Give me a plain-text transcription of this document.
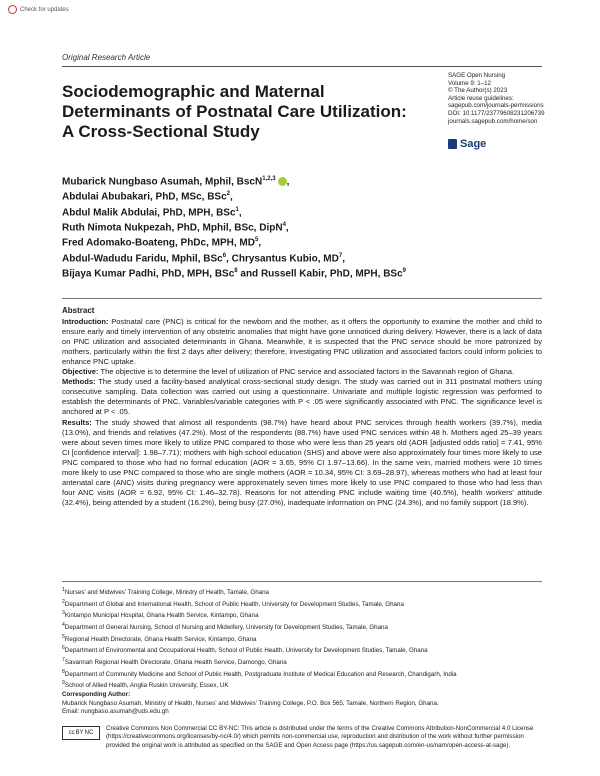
Check for updates
Original Research Article
Sociodemographic and Maternal Determinants of Postnatal Care Utilization: A Cross-Sectional Study
SAGE Open Nursing
Volume 9: 1–12
© The Author(s) 2023
Article reuse guidelines:
sagepub.com/journals-permissions
DOI: 10.1177/23779608231206739
journals.sagepub.com/home/son
Sage
Mubarick Nungbaso Asumah, Mphil, BscN$^{1,2,3}$ ,
Abdulai Abubakari, PhD, MSc, BSc$^2$,
Abdul Malik Abdulai, PhD, MPH, BSc$^1$,
Ruth Nimota Nukpezah, PhD, Mphil, BSc, DipN$^4$,
Fred Adomako-Boateng, PhDc, MPH, $MD^5$,
Abdul-Wadudu Faridu, Mphil, BSc$^6$, Chrysantus Kubio, $MD^7$,
Bijaya Kumar Padhi, PhD, MPH, BSc$^8$ and Russell Kabir, PhD, MPH, BSc$^9$
Abstract

Introduction: Postnatal care (PNC) is critical for the newborn and the mother, as it offers the opportunity to examine the mother and child to ensure early and timely intervention of any obstetric anomalies that might have gone unnoticed during delivery. However, there is a lack of data on PNC utilization and associated determinants in Ghana. Meanwhile, it is suspected that the PNC service should be more patronized by mothers, particularly within the first 2 days after delivery; therefore, investigating PNC utilization and associated factors could inform policies to enhance PNC uptake.

Objective: The objective is to determine the level of utilization of PNC service and associated factors in the Savannah region of Ghana.

Methods: The study used a facility-based analytical cross-sectional study design. The study was carried out in 311 postnatal mothers using consecutive sampling. Data collection was carried out using a questionnaire. Univariate and multiple logistic regression was performed to establish the determinants of PNC. Variables/variable categories with P < .05 were significantly associated with PNC. The significance level is anchored at P < .05.

Results: The study showed that almost all respondents (98.7%) have heard about PNC services through health workers (39.7%), media (13.0%), and friends and relatives (47.2%). Most of the respondents (88.7%) have used PNC services within 48 h. Mothers aged 25–39 years were about seven times more likely to utilize PNC compared to those who were less than 25 years old (AOR [adjusted odds ratio] = 7.41, 95% CI [confidence interval]: 1.98–7.71); mothers with high school education (SHS) and above were also approximately four times more likely to use PNC compared to those who had no formal education (AOR = 3.65, 95% CI 1.97–13.66). In the same vein, married mothers were 10 times more likely to use PNC compared to those who are single mothers (AOR = 10.34, 95% CI: 3.69–28.97), whereas mothers who had at least four antenatal care (ANC) visits during pregnancy were approximately seven times more likely to use PNC compared to those who had less than four ANC visits (AOR = 6.92, 95% CI: 1.46–32.78). Reasons for not attending PNC include waiting time (40.5%), health workers' attitude (32.4%), being attended by a student (16.2%), being busy (27.0%), inadequate information on PNC (24.3%), and no family support (18.9%).

$^1$Nurses' and Midwives' Training College, Ministry of Health, Tamale, Ghana

$^2$Department of Global and International Health, School of Public Health, University for Development Studies, Tamale, Ghana

$^3$Kintampo Municipal Hospital, Ghana Health Service, Kintampo, Ghana

$^4$Department of General Nursing, School of Nursing and Midwifery, University for Development Studies, Tamale, Ghana

$^5$Regional Health Directorate, Ghana Health Service, Kintampo, Ghana

$^6$Department of Environmental and Occupational Health, School of Public Health, University for Development Studies, Tamale, Ghana

$^7$Savannah Regional Health Directorate, Ghana Health Service, Damongo, Ghana

$^8$Department of Community Medicine and School of Public Health, Postgraduate Institute of Medical Education and Research, Chandigarh, India

$^9$School of Allied Health, Anglia Ruskin University, Essex, UK

Corresponding Author:

Mubarick Nungbaso Asumah, Ministry of Health, Nurses' and Midwives' Training College, P.O. Box 565, Tamale, Northern Region, Ghana.

Email: nungbaso.asumah@uds.edu.gh

cc BY NC
Creative Commons Non Commercial CC BY-NC: This article is distributed under the terms of the Creative Commons Attribution-NonCommercial 4.0 License (https://creativecommons.org/licenses/by-nc/4.0/) which permits non-commercial use, reproduction and distribution of the work without further permission provided the original work is attributed as specified on the SAGE and Open Access page (https://us.sagepub.com/en-us/nam/open-access-at-sage).
